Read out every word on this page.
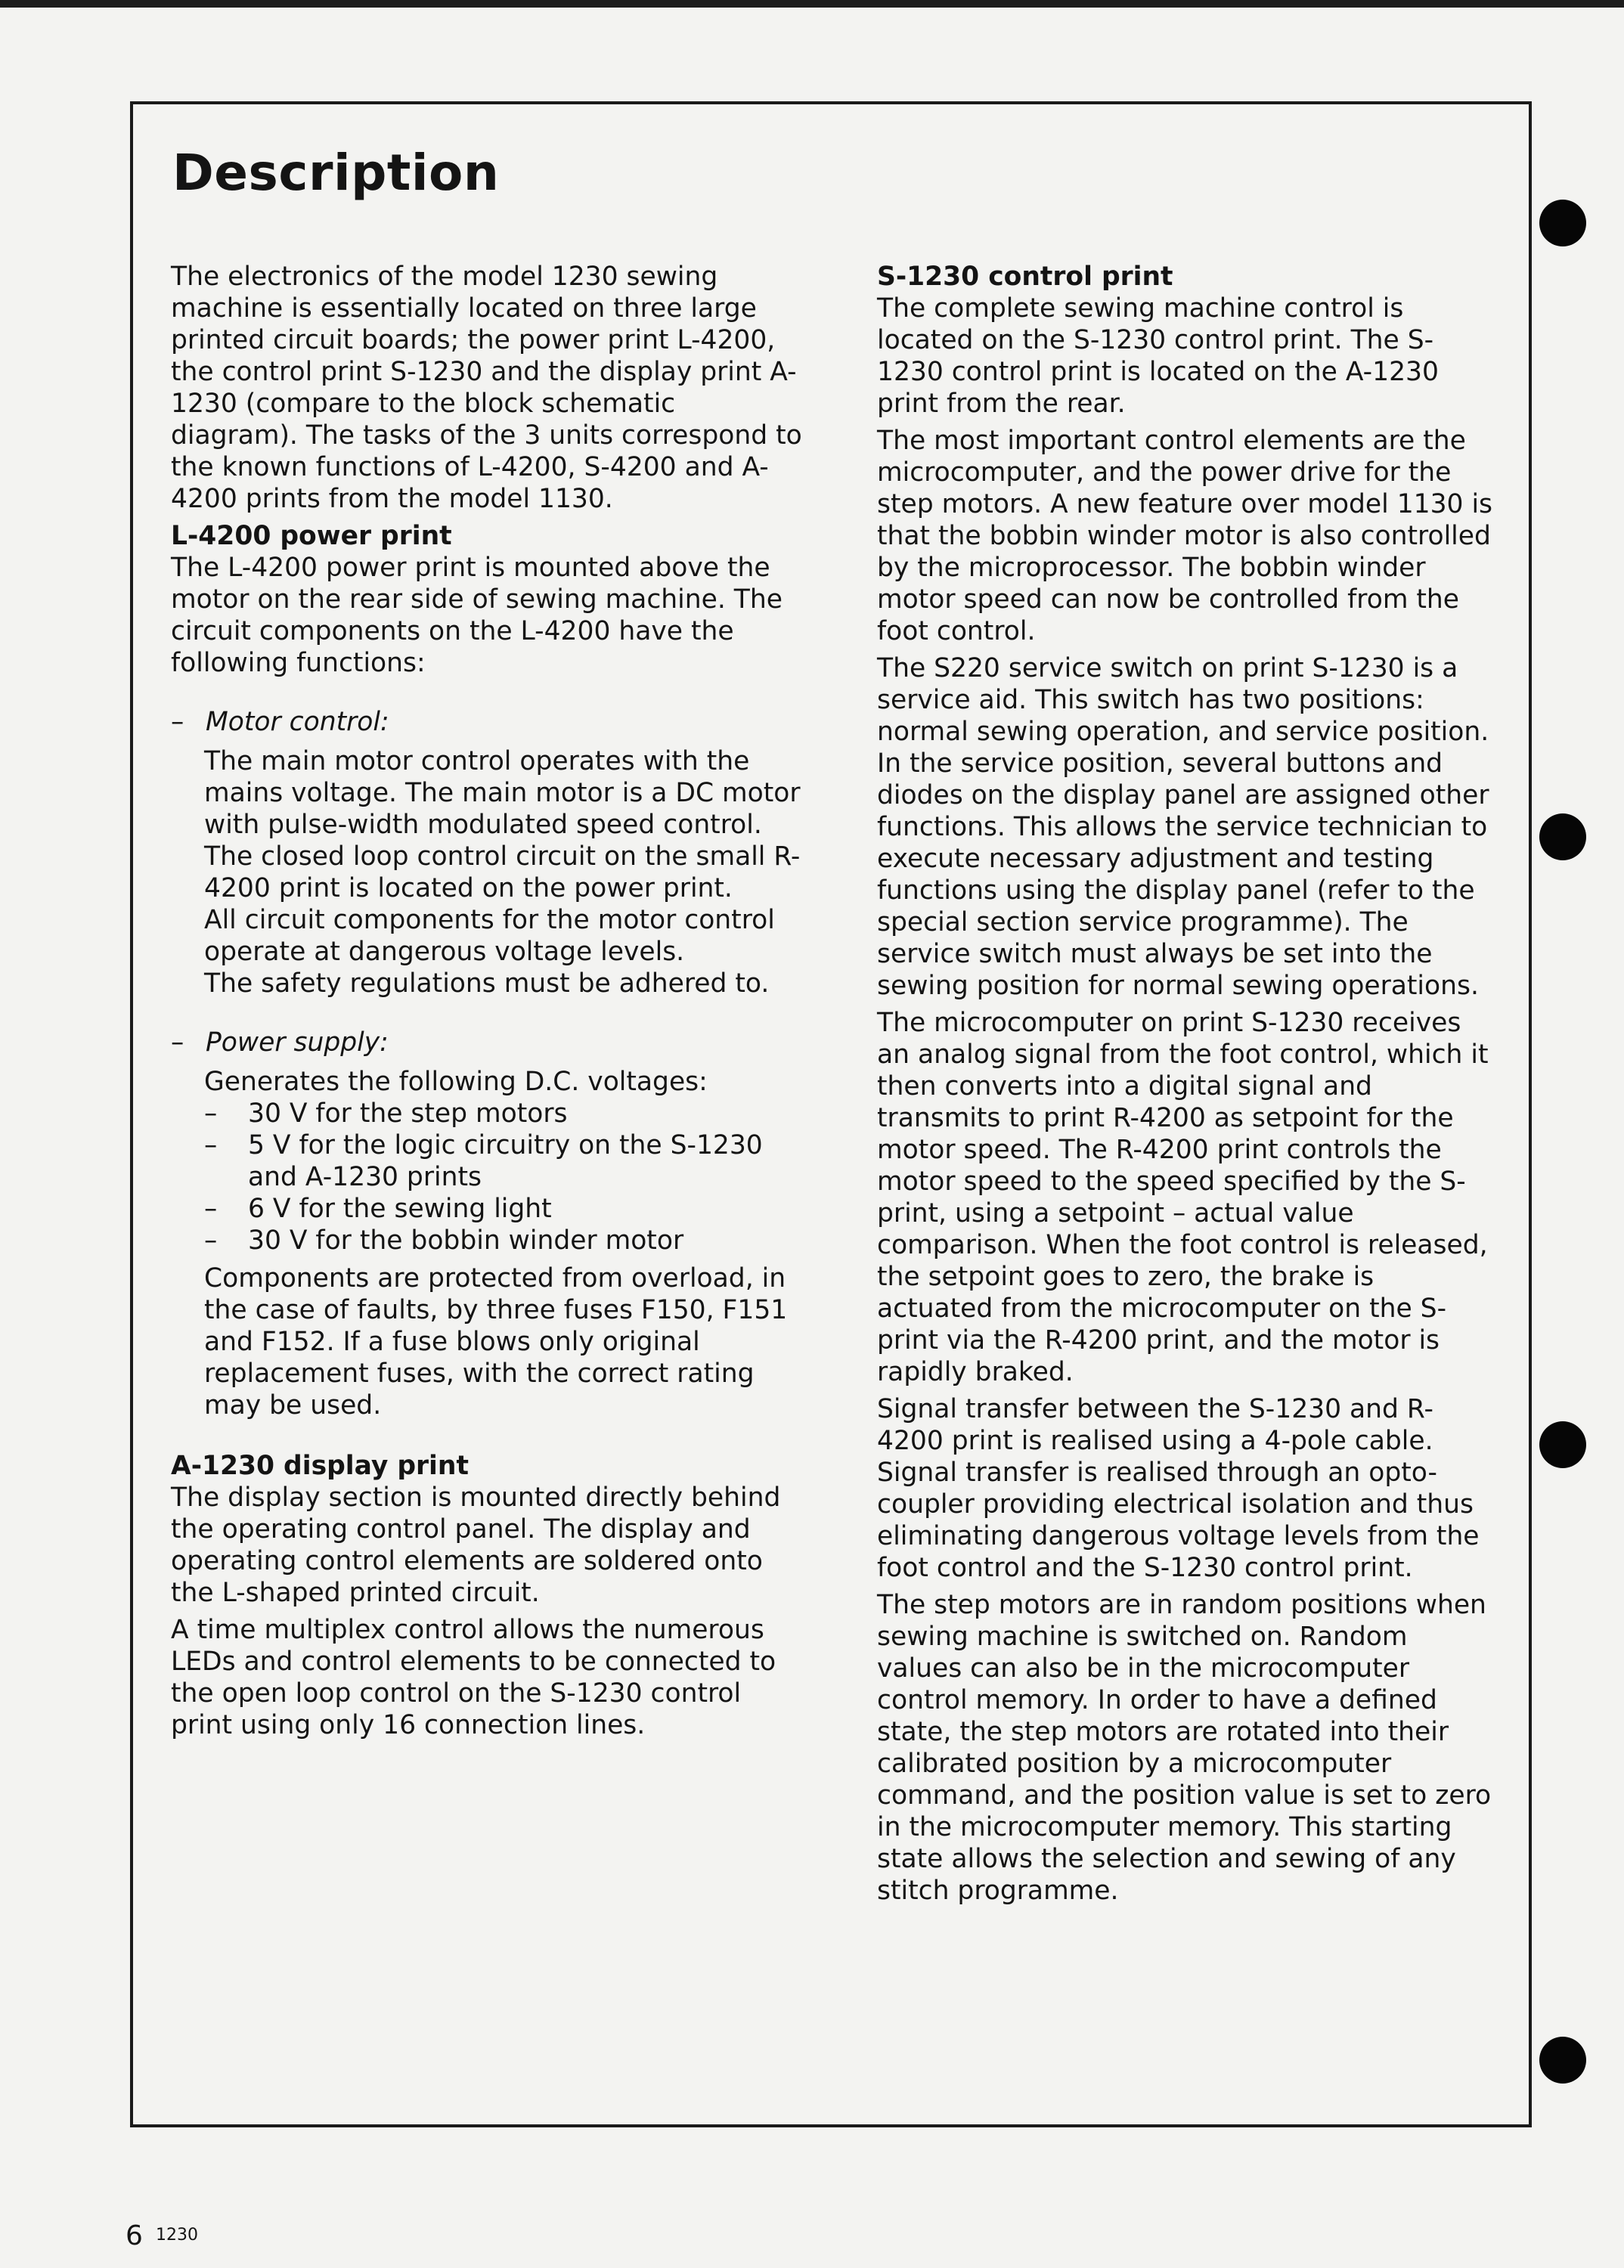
Description

The electronics of the model 1230 sewing machine is essentially located on three large printed circuit boards; the power print L-4200, the control print S-1230 and the display print A-1230 (compare to the block schematic diagram). The tasks of the 3 units correspond to the known functions of L-4200, S-4200 and A-4200 prints from the model 1130.

L-4200 power print

The L-4200 power print is mounted above the motor on the rear side of sewing machine. The circuit components on the L-4200 have the following functions:

– Motor control:

The main motor control operates with the mains voltage. The main motor is a DC motor with pulse-width modulated speed control. The closed loop control circuit on the small R-4200 print is located on the power print.

All circuit components for the motor control operate at dangerous voltage levels.

The safety regulations must be adhered to.

– Power supply:

Generates the following D.C. voltages:

– 30 V for the step motors
– 5 V for the logic circuitry on the S-1230 and A-1230 prints
– 6 V for the sewing light
– 30 V for the bobbin winder motor

Components are protected from overload, in the case of faults, by three fuses F150, F151 and F152. If a fuse blows only original replacement fuses, with the correct rating may be used.

A-1230 display print

The display section is mounted directly behind the operating control panel. The display and operating control elements are soldered onto the L-shaped printed circuit.

A time multiplex control allows the numerous LEDs and control elements to be connected to the open loop control on the S-1230 control print using only 16 connection lines.

S-1230 control print

The complete sewing machine control is located on the S-1230 control print. The S-1230 control print is located on the A-1230 print from the rear.

The most important control elements are the microcomputer, and the power drive for the step motors. A new feature over model 1130 is that the bobbin winder motor is also controlled by the microprocessor. The bobbin winder motor speed can now be controlled from the foot control.

The S220 service switch on print S-1230 is a service aid. This switch has two positions: normal sewing operation, and service position. In the service position, several buttons and diodes on the display panel are assigned other functions. This allows the service technician to execute necessary adjustment and testing functions using the display panel (refer to the special section service programme). The service switch must always be set into the sewing position for normal sewing operations.

The microcomputer on print S-1230 receives an analog signal from the foot control, which it then converts into a digital signal and transmits to print R-4200 as setpoint for the motor speed. The R-4200 print controls the motor speed to the speed specified by the S-print, using a setpoint – actual value comparison. When the foot control is released, the setpoint goes to zero, the brake is actuated from the microcomputer on the S-print via the R-4200 print, and the motor is rapidly braked.

Signal transfer between the S-1230 and R-4200 print is realised using a 4-pole cable. Signal transfer is realised through an opto-coupler providing electrical isolation and thus eliminating dangerous voltage levels from the foot control and the S-1230 control print.

The step motors are in random positions when sewing machine is switched on. Random values can also be in the microcomputer control memory. In order to have a defined state, the step motors are rotated into their calibrated position by a microcomputer command, and the position value is set to zero in the microcomputer memory. This starting state allows the selection and sewing of any stitch programme.

6 1230
